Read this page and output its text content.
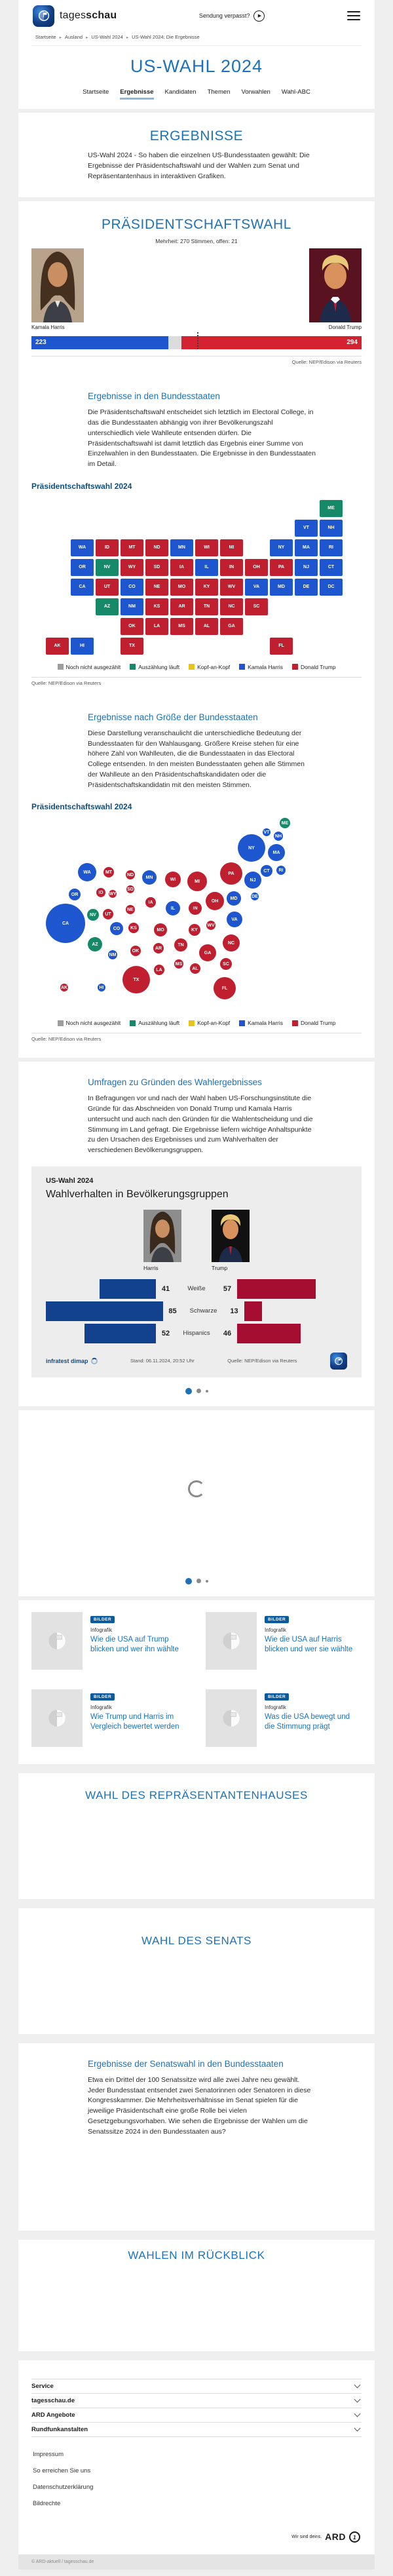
tagesschau	Sendung verpasst?	▶
Startseite ▸ Ausland ▸ US-Wahl 2024 ▸ US-Wahl 2024: Die Ergebnisse
US-WAHL 2024
Startseite Ergebnisse Kandidaten Themen Vorwahlen Wahl-ABC
ERGEBNISSE

US-Wahl 2024 - So haben die einzelnen US-Bundesstaaten gewählt: Die Ergebnisse der Präsidentschaftswahl und der Wahlen zum Senat und Repräsentantenhaus in interaktiven Grafiken.

PRÄSIDENTSCHAFTSWAHL
Mehrheit: 270 Stimmen, offen: 21
Kamala Harris	Donald Trump
223	294
Quelle: NEP/Edison via Reuters
Ergebnisse in den Bundesstaaten

Die Präsidentschaftswahl entscheidet sich letztlich im Electoral College, in das die Bundesstaaten abhängig von ihrer Bevölkerungszahl unterschiedlich viele Wahlleute entsenden dürfen. Die Präsidentschaftswahl ist damit letztlich das Ergebnis einer Summe von Einzelwahlen in den Bundesstaaten. Die Ergebnisse in den Bundesstaaten im Detail.

Präsidentschaftswahl 2024
ME
VT	NH
WA	ID	MT	ND	MN	WI	MI	NY	MA	RI
OR	NV	WY	SD	IA	IL	IN	OH	PA	NJ	CT
CA	UT	CO	NE	MO	KY	WV	VA	MD	DE	DC
AZ	NM	KS	AR	TN	NC	SC
OK	LA	MS	AL	GA
AK	HI	TX	FL
Noch nicht ausgezählt	Auszählung läuft	Kopf-an-Kopf	Kamala Harris	Donald Trump
Quelle: NEP/Edison via Reuters
Ergebnisse nach Größe der Bundesstaaten

Diese Darstellung veranschaulicht die unterschiedliche Bedeutung der Bundesstaaten für den Wahlausgang. Größere Kreise stehen für eine höhere Zahl von Wahlleuten, die die Bundesstaaten in das Electoral College entsenden. In den meisten Bundesstaaten gehen alle Stimmen der Wahlleute an den Präsidentschaftskandidaten oder die Präsidentschaftskandidatin mit den meisten Stimmen.

Präsidentschaftswahl 2024
ME
VT
NH
NY
MA
CT	RI
WA	MT
ND
MN	WI	MI
PA
NJ
OR	ID	WY
SD
IA
IL	IN
OH
MD	DE
NV	UT
NE
CA
CO	KS	MO	KY
WV
VA
AZ
NM
OK
AR
TN	NC
GA
SC
MS
AL
LA
TX
AK	HI	FL
Noch nicht ausgezählt	Auszählung läuft	Kopf-an-Kopf	Kamala Harris	Donald Trump
Quelle: NEP/Edison via Reuters
Umfragen zu Gründen des Wahlergebnisses

In Befragungen vor und nach der Wahl haben US-Forschungsinstitute die Gründe für das Abschneiden von Donald Trump und Kamala Harris untersucht und auch nach den Gründen für die Wahlentscheidung und die Stimmung im Land gefragt. Die Ergebnisse liefern wichtige Anhaltspunkte zu den Ursachen des Ergebnisses und zum Wahlverhalten der verschiedenen Bevölkerungsgruppen.

US-Wahl 2024
Wahlverhalten in Bevölkerungsgruppen
Harris	Trump
41	Weiße	57
85	Schwarze	13
52	Hispanics	46
infratest dimap	Stand: 06.11.2024, 20:52 Uhr	Quelle: NEP/Edison via Reuters
BILDER
Infografik
Wie die USA auf Trump blicken und wer ihn wählte
BILDER
Infografik
Wie die USA auf Harris blicken und wer sie wählte
BILDER
Infografik
Wie Trump und Harris im Vergleich bewertet werden
BILDER
Infografik
Was die USA bewegt und die Stimmung prägt
WAHL DES REPRÄSENTANTENHAUSES
WAHL DES SENATS
Ergebnisse der Senatswahl in den Bundesstaaten

Etwa ein Drittel der 100 Senatssitze wird alle zwei Jahre neu gewählt. Jeder Bundesstaat entsendet zwei Senatorinnen oder Senatoren in diese Kongresskammer. Die Mehrheitsverhältnisse im Senat spielen für die jeweilige Präsidentschaft eine große Rolle bei vielen Gesetzgebungsvorhaben. Wie sehen die Ergebnisse der Wahlen um die Senatssitze 2024 in den Bundesstaaten aus?

WAHLEN IM RÜCKBLICK
Service
tagesschau.de
ARD Angebote
Rundfunkanstalten
Impressum
So erreichen Sie uns
Datenschutzerklärung
Bildrechte
Wir sind deins. ARD	1
© ARD-aktuell / tagesschau.de
